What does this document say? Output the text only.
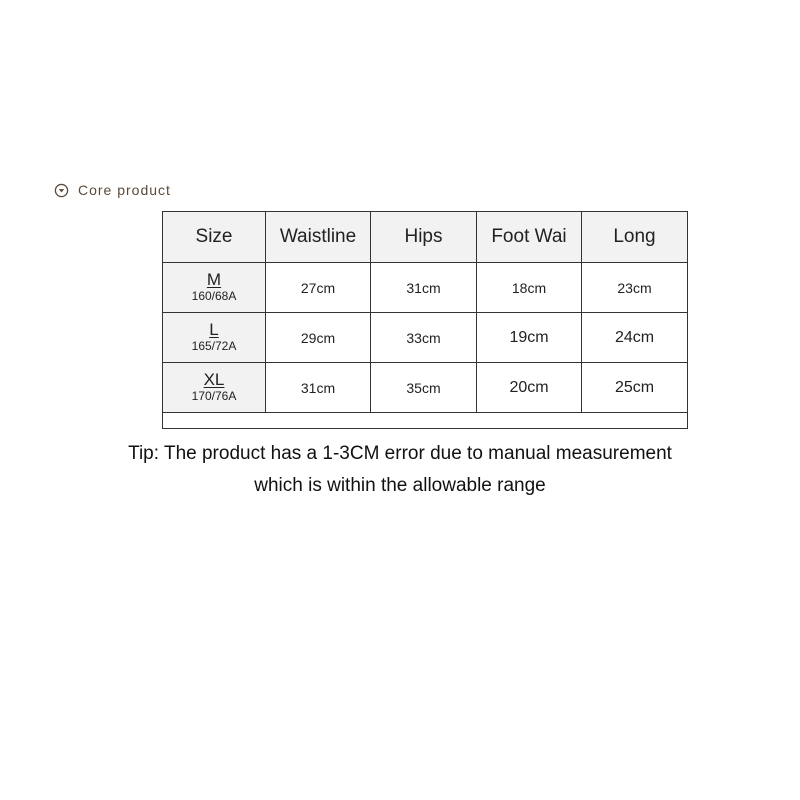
Core product
Size	Waistline	Hips	Foot Wai	Long

M
160/68A	27cm	31cm	18cm	23cm

L
165/72A	29cm	33cm	19cm	24cm

XL
170/76A	31cm	35cm	20cm	25cm

Tip: The product has a 1-3CM error due to manual measurement
which is within the allowable range
